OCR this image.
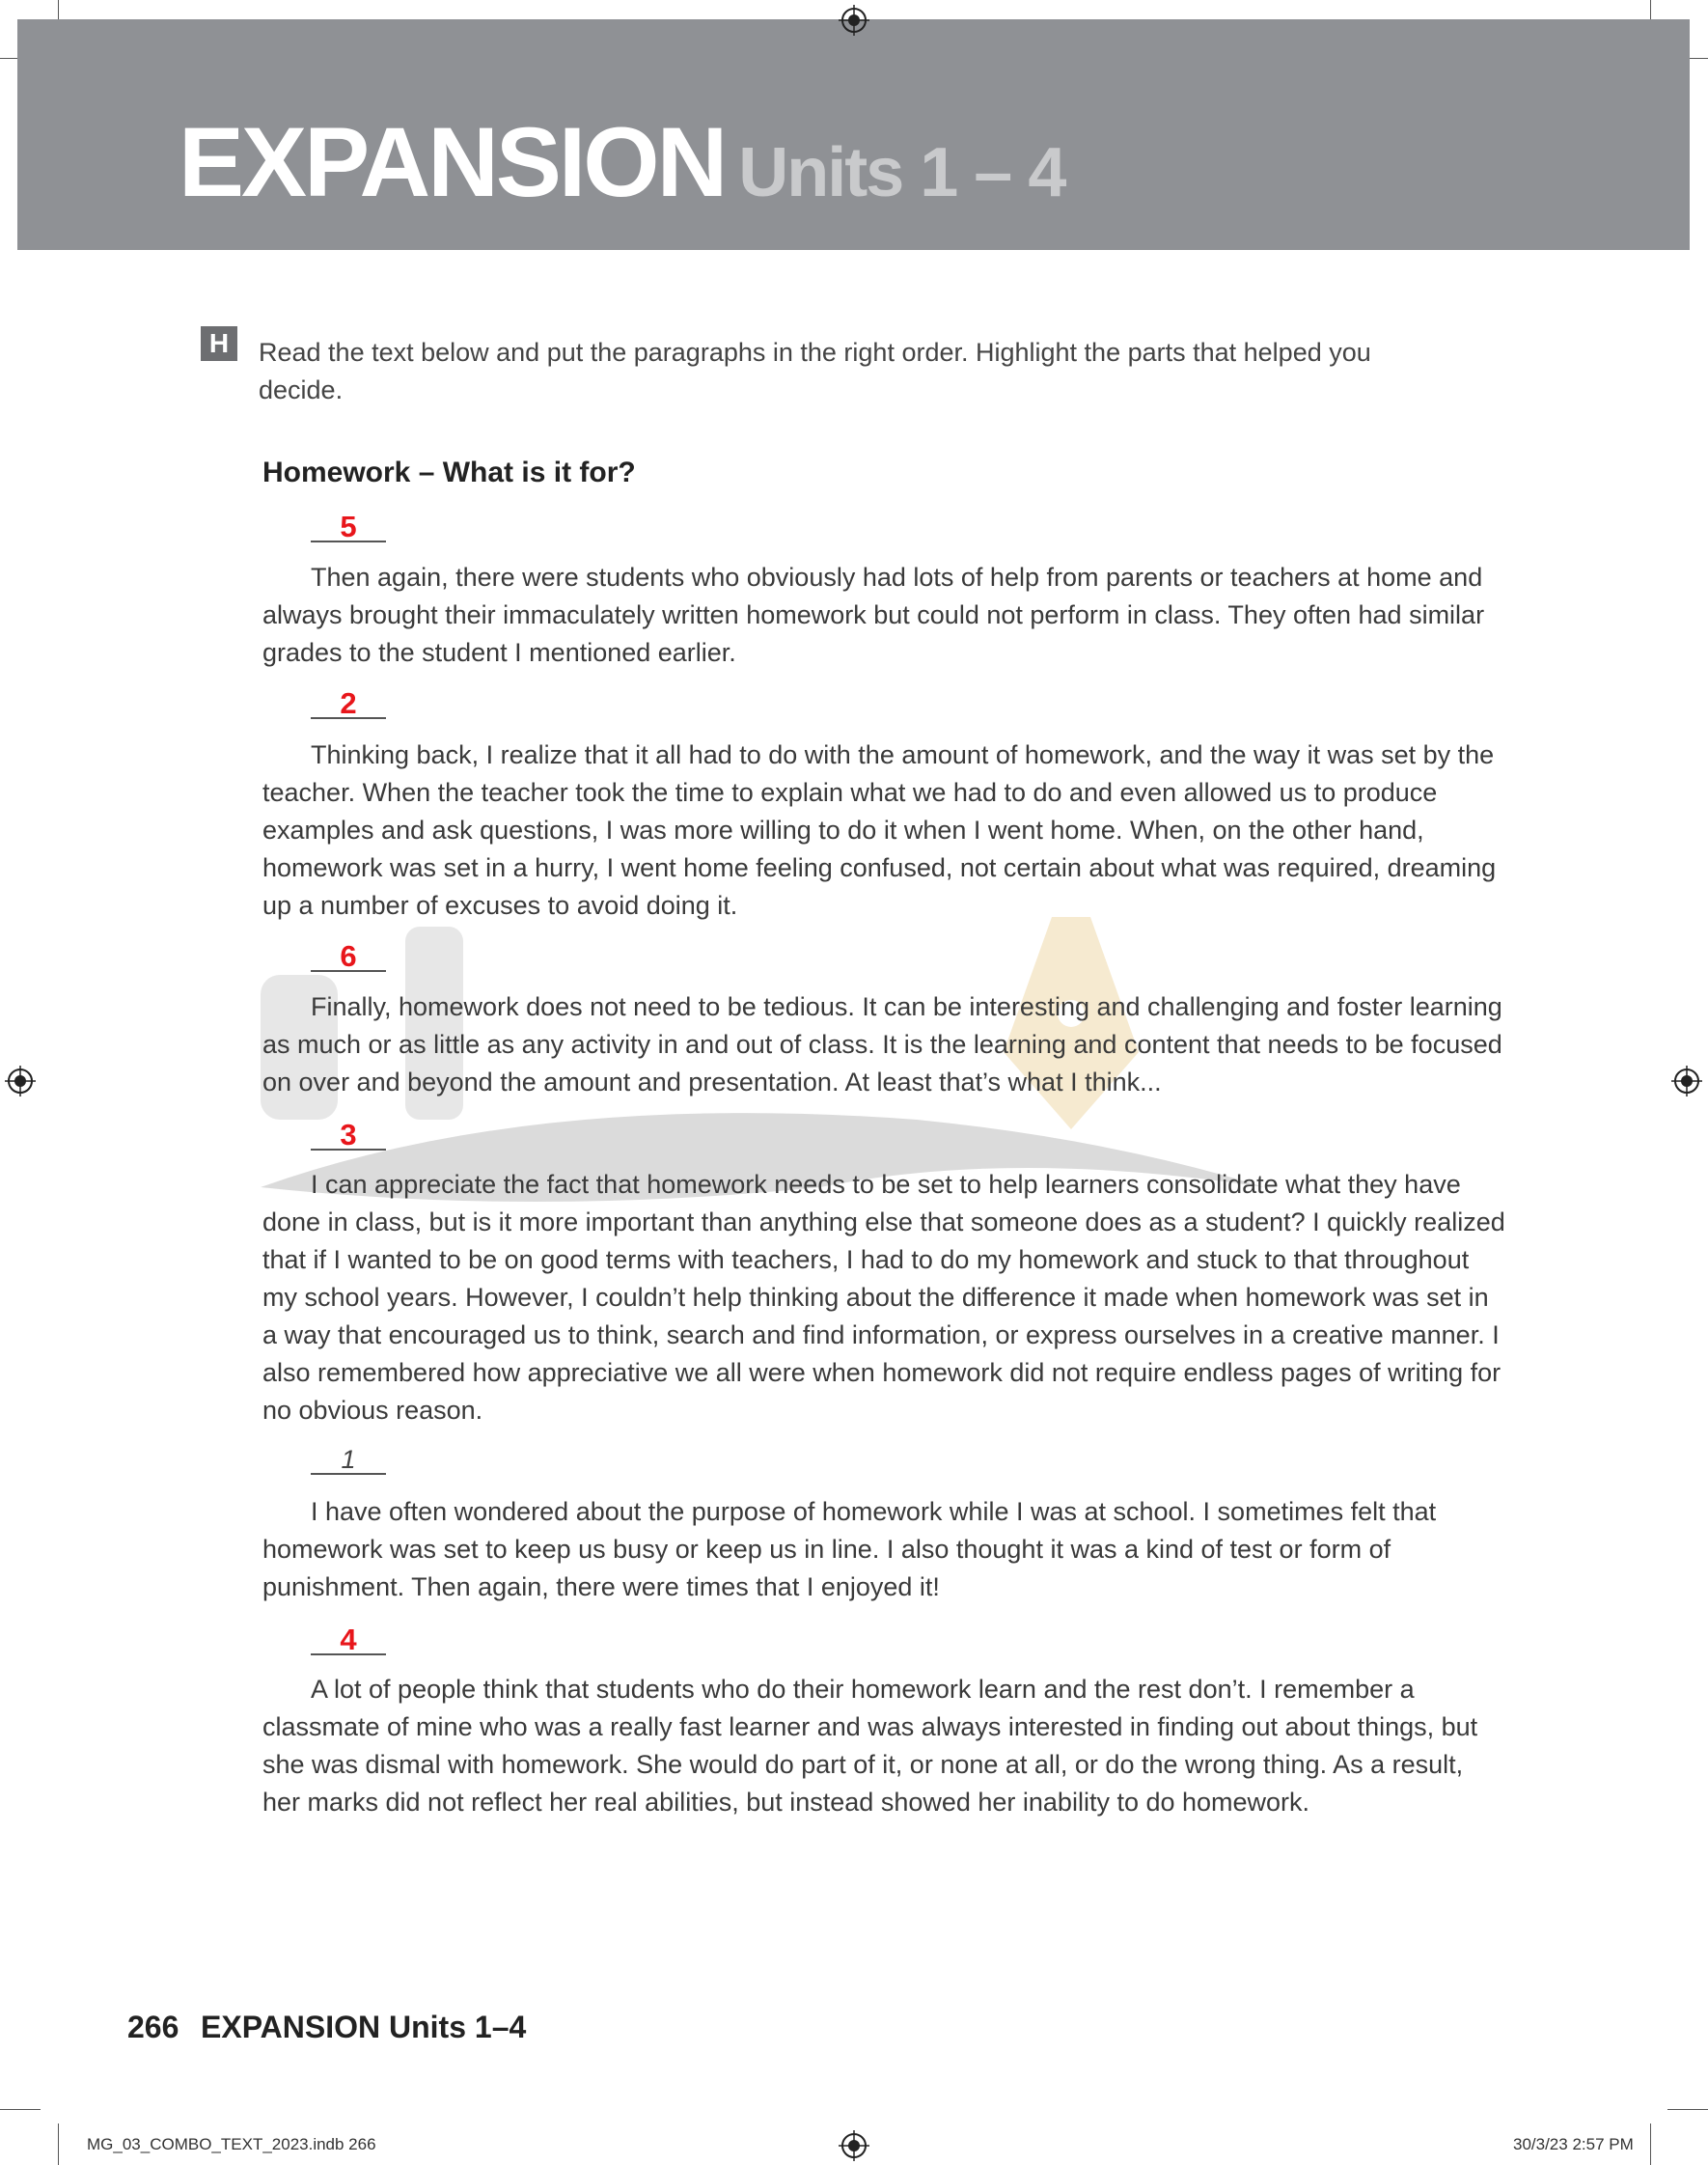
EXPANSION Units 1 – 4
H	Read the text below and put the paragraphs in the right order. Highlight the parts that helped you decide.
Homework – What is it for?
5
Then again, there were students who obviously had lots of help from parents or teachers at home and always brought their immaculately written homework but could not perform in class. They often had similar grades to the student I mentioned earlier.
2
Thinking back, I realize that it all had to do with the amount of homework, and the way it was set by the teacher. When the teacher took the time to explain what we had to do and even allowed us to produce examples and ask questions, I was more willing to do it when I went home. When, on the other hand, homework was set in a hurry, I went home feeling confused, not certain about what was required, dreaming up a number of excuses to avoid doing it.
6
Finally, homework does not need to be tedious. It can be interesting and challenging and foster learning as much or as little as any activity in and out of class. It is the learning and content that needs to be focused on over and beyond the amount and presentation. At least that’s what I think...
3
I can appreciate the fact that homework needs to be set to help learners consolidate what they have done in class, but is it more important than anything else that someone does as a student? I quickly realized that if I wanted to be on good terms with teachers, I had to do my homework and stuck to that throughout my school years. However, I couldn’t help thinking about the difference it made when homework was set in a way that encouraged us to think, search and find information, or express ourselves in a creative manner. I also remembered how appreciative we all were when homework did not require endless pages of writing for no obvious reason.
1
I have often wondered about the purpose of homework while I was at school. I sometimes felt that homework was set to keep us busy or keep us in line. I also thought it was a kind of test or form of punishment. Then again, there were times that I enjoyed it!
4
A lot of people think that students who do their homework learn and the rest don’t. I remember a classmate of mine who was a really fast learner and was always interested in finding out about things, but she was dismal with homework. She would do part of it, or none at all, or do the wrong thing. As a result, her marks did not reflect her real abilities, but instead showed her inability to do homework.
266 EXPANSION Units 1–4
MG_03_COMBO_TEXT_2023.indb 266	30/3/23 2:57 PM
